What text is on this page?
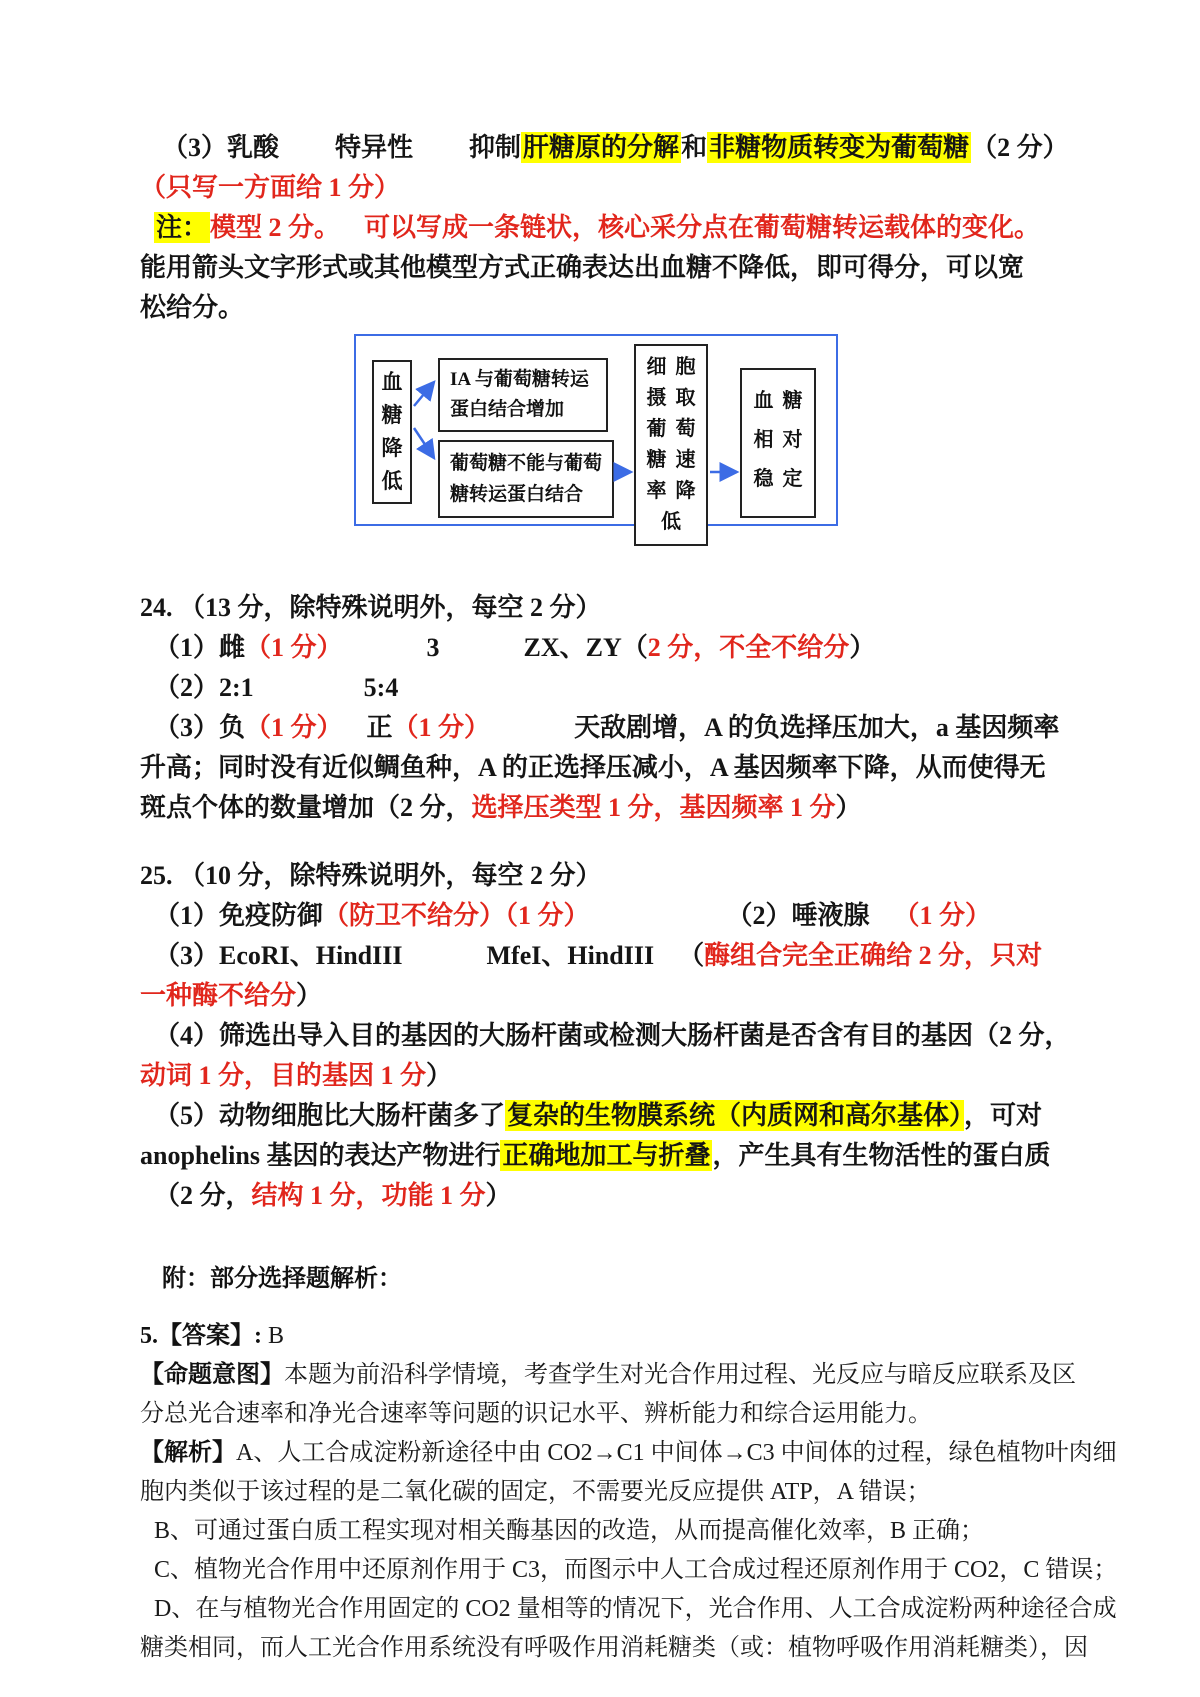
（3）乳酸 特异性 抑制肝糖原的分解和非糖物质转变为葡萄糖（2 分）
（只写一方面给 1 分）
注：模型 2 分。 可以写成一条链状，核心采分点在葡萄糖转运载体的变化。
能用箭头文字形式或其他模型方式正确表达出血糖不降低，即可得分，可以宽
松给分。
血糖降低
IA 与葡萄糖转运
蛋白结合增加
葡萄糖不能与葡萄
糖转运蛋白结合
细胞摄取葡萄糖速率降低
血糖相对稳定
24. （13 分，除特殊说明外，每空 2 分）
（1）雌（1 分）	3	ZX、ZY（2 分，不全不给分）
（2）2:1	5:4
（3）负（1 分） 正（1 分）	天敌剧增，A 的负选择压加大，a 基因频率
升高；同时没有近似鲷鱼种，A 的正选择压减小，A 基因频率下降，从而使得无
斑点个体的数量增加（2 分，选择压类型 1 分，基因频率 1 分）
25. （10 分，除特殊说明外，每空 2 分）
（1）免疫防御（防卫不给分）（1 分）	（2）唾液腺 （1 分）
（3）EcoRI、HindIII	MfeI、HindIII （酶组合完全正确给 2 分，只对
一种酶不给分）
（4）筛选出导入目的基因的大肠杆菌或检测大肠杆菌是否含有目的基因（2 分，
动词 1 分，目的基因 1 分）
（5）动物细胞比大肠杆菌多了复杂的生物膜系统（内质网和高尔基体），可对
anophelins 基因的表达产物进行正确地加工与折叠，产生具有生物活性的蛋白质
（2 分，结构 1 分，功能 1 分）
附：部分选择题解析：
5.【答案】: B
【命题意图】本题为前沿科学情境，考查学生对光合作用过程、光反应与暗反应联系及区
分总光合速率和净光合速率等问题的识记水平、辨析能力和综合运用能力。
【解析】A、人工合成淀粉新途径中由 CO2→C1 中间体→C3 中间体的过程，绿色植物叶肉细
胞内类似于该过程的是二氧化碳的固定，不需要光反应提供 ATP，A 错误；
B、可通过蛋白质工程实现对相关酶基因的改造，从而提高催化效率，B 正确；
C、植物光合作用中还原剂作用于 C3，而图示中人工合成过程还原剂作用于 CO2，C 错误；
D、在与植物光合作用固定的 CO2 量相等的情况下，光合作用、人工合成淀粉两种途径合成
糖类相同，而人工光合作用系统没有呼吸作用消耗糖类（或：植物呼吸作用消耗糖类），因
